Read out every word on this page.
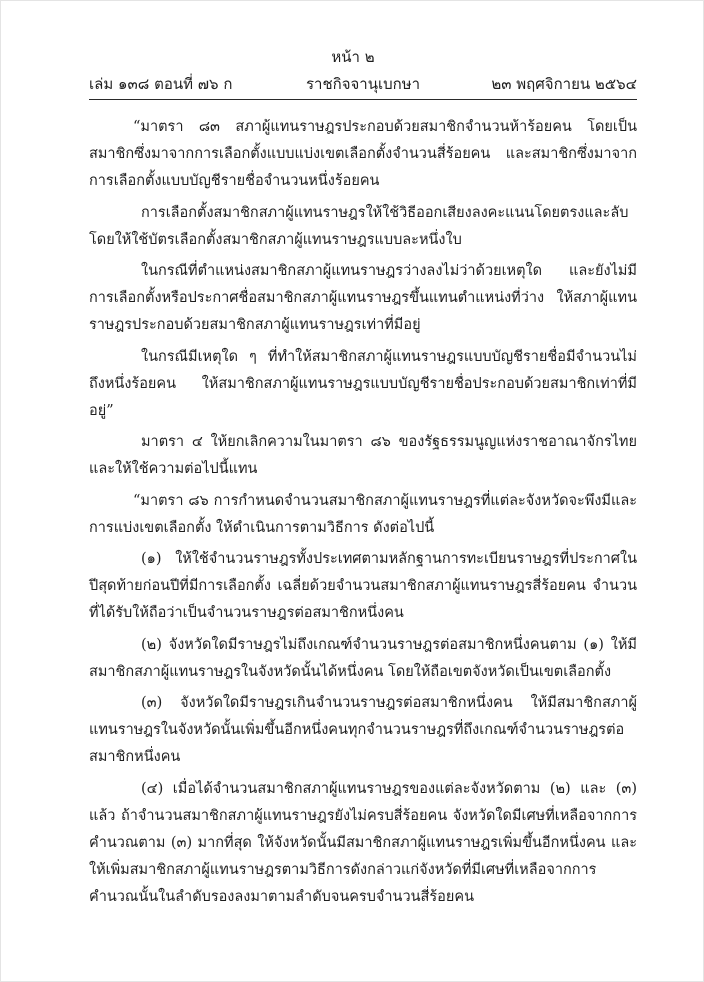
หน้า ๒
ราชกิจจานุเบกษา
เล่ม ๑๓๘ ตอนที่ ๗๖ ก	๒๓ พฤศจิกายน ๒๕๖๔

“มาตรา ๘๓ สภาผู้แทนราษฎรประกอบด้วยสมาชิกจำนวนห้าร้อยคน โดยเป็นสมาชิกซึ่งมาจากการเลือกตั้งแบบแบ่งเขตเลือกตั้งจำนวนสี่ร้อยคน และสมาชิกซึ่งมาจากการเลือกตั้งแบบบัญชีรายชื่อจำนวนหนึ่งร้อยคน

การเลือกตั้งสมาชิกสภาผู้แทนราษฎรให้ใช้วิธีออกเสียงลงคะแนนโดยตรงและลับ โดยให้ใช้บัตรเลือกตั้งสมาชิกสภาผู้แทนราษฎรแบบละหนึ่งใบ

ในกรณีที่ตำแหน่งสมาชิกสภาผู้แทนราษฎรว่างลงไม่ว่าด้วยเหตุใด และยังไม่มีการเลือกตั้งหรือประกาศชื่อสมาชิกสภาผู้แทนราษฎรขึ้นแทนตำแหน่งที่ว่าง ให้สภาผู้แทนราษฎรประกอบด้วยสมาชิกสภาผู้แทนราษฎรเท่าที่มีอยู่

ในกรณีมีเหตุใด ๆ ที่ทำให้สมาชิกสภาผู้แทนราษฎรแบบบัญชีรายชื่อมีจำนวนไม่ถึงหนึ่งร้อยคน ให้สมาชิกสภาผู้แทนราษฎรแบบบัญชีรายชื่อประกอบด้วยสมาชิกเท่าที่มีอยู่”

มาตรา ๔ ให้ยกเลิกความในมาตรา ๘๖ ของรัฐธรรมนูญแห่งราชอาณาจักรไทย และให้ใช้ความต่อไปนี้แทน

“มาตรา ๘๖ การกำหนดจำนวนสมาชิกสภาผู้แทนราษฎรที่แต่ละจังหวัดจะพึงมีและการแบ่งเขตเลือกตั้ง ให้ดำเนินการตามวิธีการ ดังต่อไปนี้

(๑) ให้ใช้จำนวนราษฎรทั้งประเทศตามหลักฐานการทะเบียนราษฎรที่ประกาศในปีสุดท้ายก่อนปีที่มีการเลือกตั้ง เฉลี่ยด้วยจำนวนสมาชิกสภาผู้แทนราษฎรสี่ร้อยคน จำนวนที่ได้รับให้ถือว่าเป็นจำนวนราษฎรต่อสมาชิกหนึ่งคน

(๒) จังหวัดใดมีราษฎรไม่ถึงเกณฑ์จำนวนราษฎรต่อสมาชิกหนึ่งคนตาม (๑) ให้มีสมาชิกสภาผู้แทนราษฎรในจังหวัดนั้นได้หนึ่งคน โดยให้ถือเขตจังหวัดเป็นเขตเลือกตั้ง

(๓) จังหวัดใดมีราษฎรเกินจำนวนราษฎรต่อสมาชิกหนึ่งคน ให้มีสมาชิกสภาผู้แทนราษฎรในจังหวัดนั้นเพิ่มขึ้นอีกหนึ่งคนทุกจำนวนราษฎรที่ถึงเกณฑ์จำนวนราษฎรต่อสมาชิกหนึ่งคน

(๔) เมื่อได้จำนวนสมาชิกสภาผู้แทนราษฎรของแต่ละจังหวัดตาม (๒) และ (๓) แล้ว ถ้าจำนวนสมาชิกสภาผู้แทนราษฎรยังไม่ครบสี่ร้อยคน จังหวัดใดมีเศษที่เหลือจากการคำนวณตาม (๓) มากที่สุด ให้จังหวัดนั้นมีสมาชิกสภาผู้แทนราษฎรเพิ่มขึ้นอีกหนึ่งคน และให้เพิ่มสมาชิกสภาผู้แทนราษฎรตามวิธีการดังกล่าวแก่จังหวัดที่มีเศษที่เหลือจากการคำนวณนั้นในลำดับรองลงมาตามลำดับจนครบจำนวนสี่ร้อยคน
